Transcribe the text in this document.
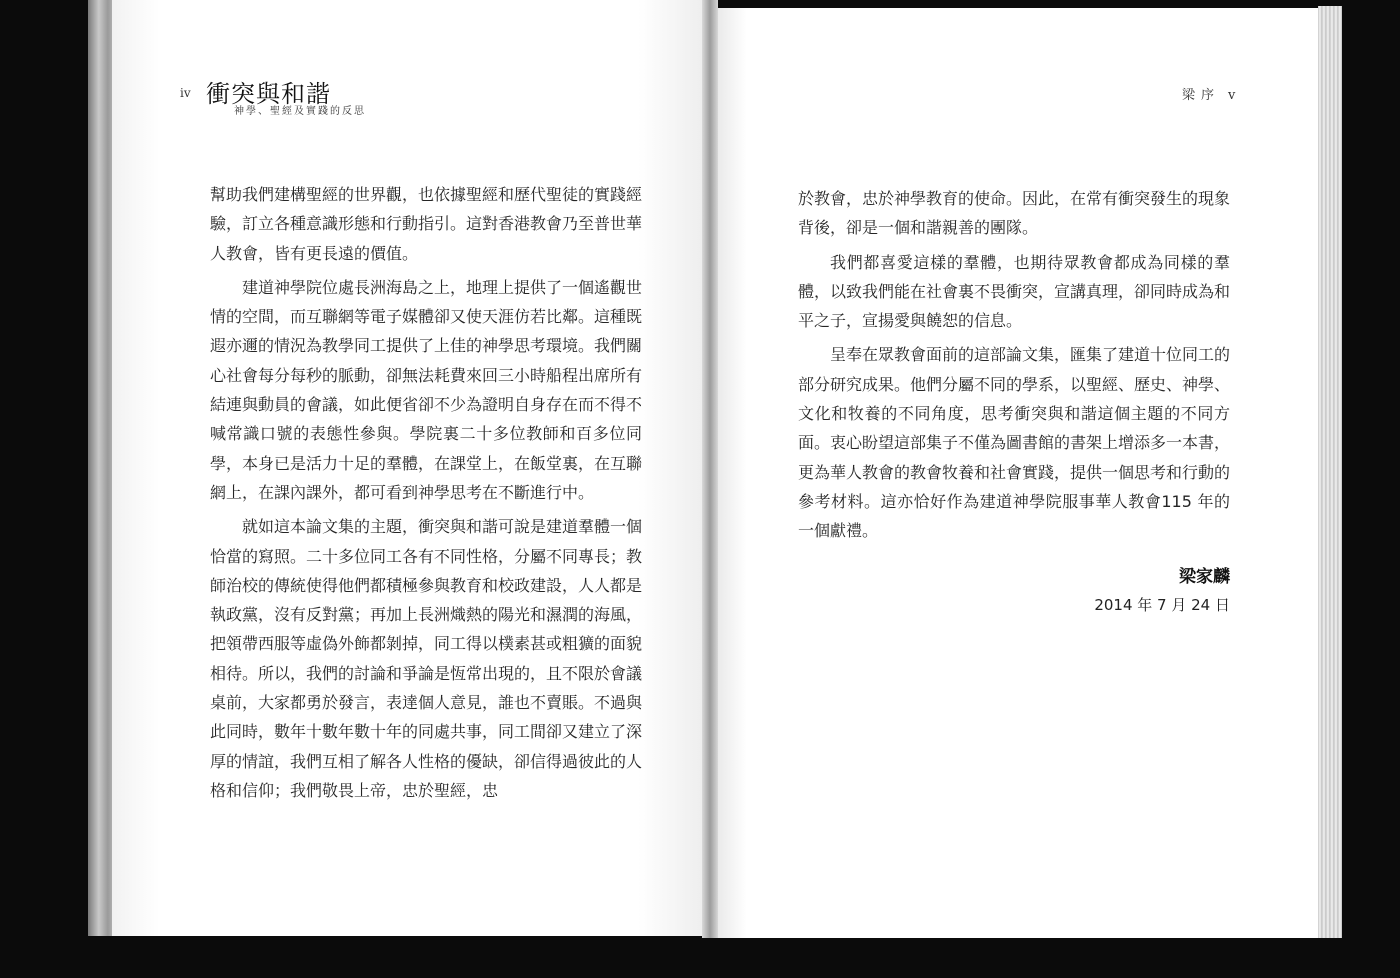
iv 衝突與和諧
神學、聖經及實踐的反思
梁序 v

幫助我們建構聖經的世界觀，也依據聖經和歷代聖徒的實踐經驗，訂立各種意識形態和行動指引。這對香港教會乃至普世華人教會，皆有更長遠的價值。

建道神學院位處長洲海島之上，地理上提供了一個遙觀世情的空間，而互聯網等電子媒體卻又使天涯仿若比鄰。這種既遐亦邇的情況為教學同工提供了上佳的神學思考環境。我們關心社會每分每秒的脈動，卻無法耗費來回三小時船程出席所有結連與動員的會議，如此便省卻不少為證明自身存在而不得不喊常識口號的表態性參與。學院裏二十多位教師和百多位同學，本身已是活力十足的羣體，在課堂上，在飯堂裏，在互聯網上，在課內課外，都可看到神學思考在不斷進行中。

就如這本論文集的主題，衝突與和諧可說是建道羣體一個恰當的寫照。二十多位同工各有不同性格，分屬不同專長；教師治校的傳統使得他們都積極參與教育和校政建設，人人都是執政黨，沒有反對黨；再加上長洲熾熱的陽光和濕潤的海風，把領帶西服等虛偽外飾都剝掉，同工得以樸素甚或粗獷的面貌相待。所以，我們的討論和爭論是恆常出現的，且不限於會議桌前，大家都勇於發言，表達個人意見，誰也不賣賬。不過與此同時，數年十數年數十年的同處共事，同工間卻又建立了深厚的情誼，我們互相了解各人性格的優缺，卻信得過彼此的人格和信仰；我們敬畏上帝，忠於聖經，忠

於教會，忠於神學教育的使命。因此，在常有衝突發生的現象背後，卻是一個和諧親善的團隊。

我們都喜愛這樣的羣體，也期待眾教會都成為同樣的羣體，以致我們能在社會裏不畏衝突，宣講真理，卻同時成為和平之子，宣揚愛與饒恕的信息。

呈奉在眾教會面前的這部論文集，匯集了建道十位同工的部分研究成果。他們分屬不同的學系，以聖經、歷史、神學、文化和牧養的不同角度，思考衝突與和諧這個主題的不同方面。衷心盼望這部集子不僅為圖書館的書架上增添多一本書，更為華人教會的教會牧養和社會實踐，提供一個思考和行動的參考材料。這亦恰好作為建道神學院服事華人教會115 年的一個獻禮。

梁家麟
2014 年 7 月 24 日
